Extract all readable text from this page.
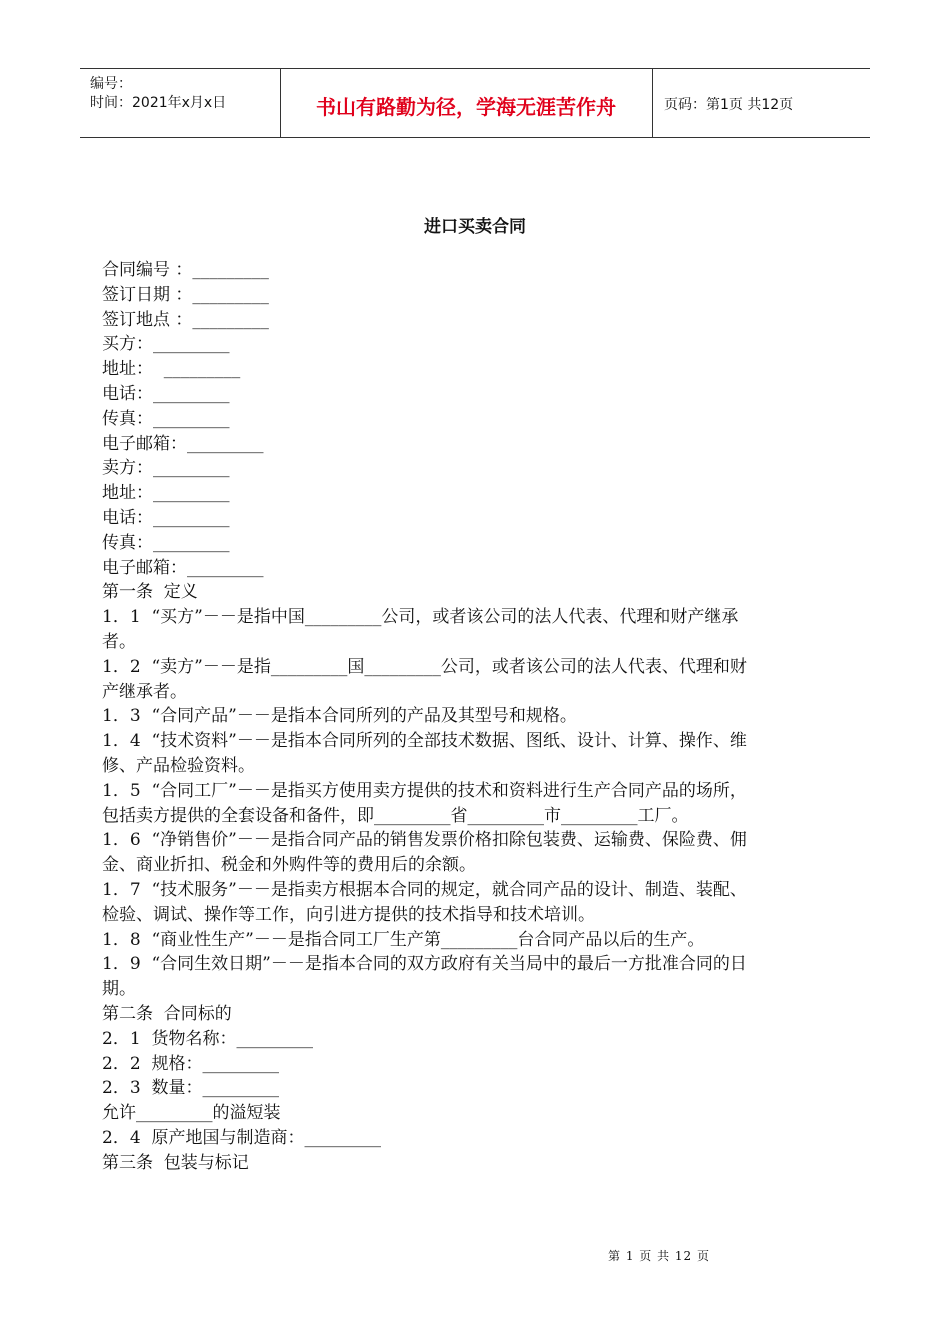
编号：
时间：2021年x月x日	书山有路勤为径，学海无涯苦作舟	页码：第1页 共12页
进口买卖合同
合同编号 ：_________
签订日期 ：_________
签订地点 ：_________
买方：_________
地址：  _________
电话：_________
传真：_________
电子邮箱：_________
卖方：_________
地址：_________
电话：_________
传真：_________
电子邮箱：_________
第一条  定义
1．1  “买方”－－是指中国_________公司，或者该公司的法人代表、代理和财产继承
者。
1．2  “卖方”－－是指_________国_________公司，或者该公司的法人代表、代理和财
产继承者。
1．3  “合同产品”－－是指本合同所列的产品及其型号和规格。
1．4  “技术资料”－－是指本合同所列的全部技术数据、图纸、设计、计算、操作、维
修、产品检验资料。
1．5  “合同工厂”－－是指买方使用卖方提供的技术和资料进行生产合同产品的场所，
包括卖方提供的全套设备和备件，即_________省_________市_________工厂。
1．6  “净销售价”－－是指合同产品的销售发票价格扣除包装费、运输费、保险费、佣
金、商业折扣、税金和外购件等的费用后的余额。
1．7  “技术服务”－－是指卖方根据本合同的规定，就合同产品的设计、制造、装配、
检验、调试、操作等工作，向引进方提供的技术指导和技术培训。
1．8  “商业性生产”－－是指合同工厂生产第_________台合同产品以后的生产。
1．9  “合同生效日期”－－是指本合同的双方政府有关当局中的最后一方批准合同的日
期。
第二条  合同标的
2．1  货物名称：_________
2．2  规格：_________
2．3  数量：_________
允许_________的溢短装
2．4  原产地国与制造商：_________
第三条  包装与标记
第 1 页 共 12 页
